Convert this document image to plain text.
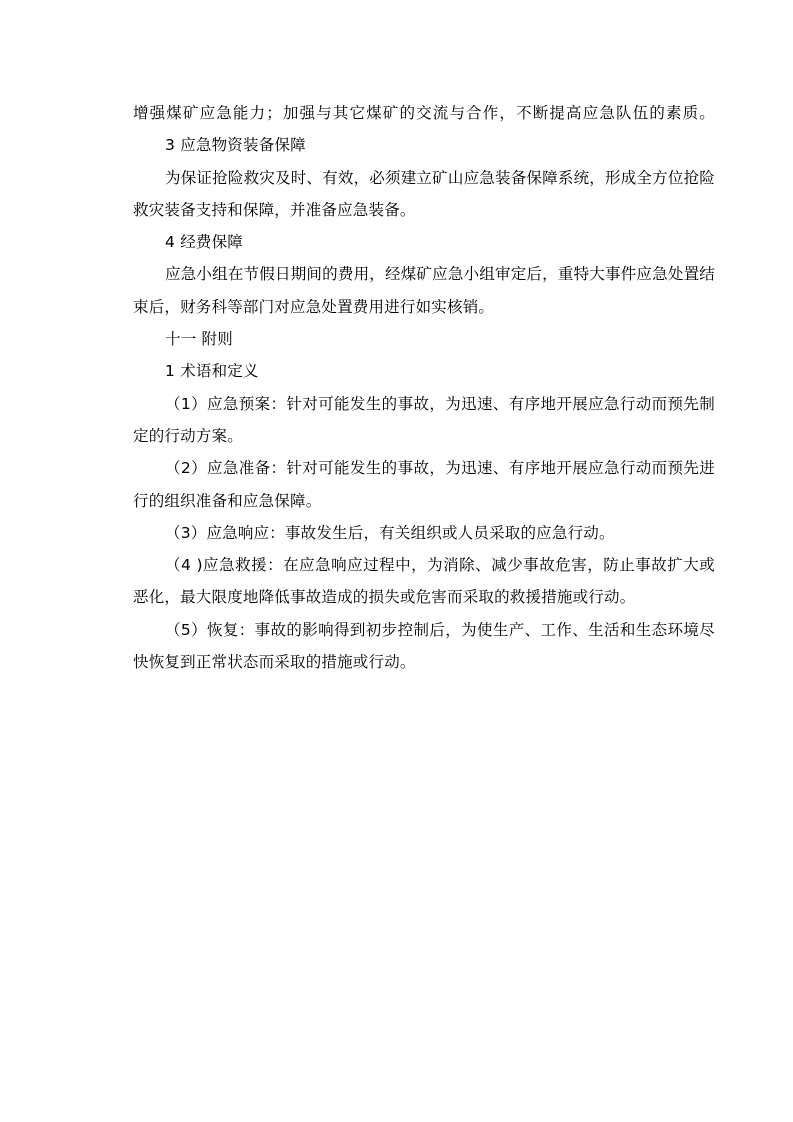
增强煤矿应急能力；加强与其它煤矿的交流与合作，不断提高应急队伍的素质。
3 应急物资装备保障
为保证抢险救灾及时、有效，必须建立矿山应急装备保障系统，形成全方位抢险
救灾装备支持和保障，并准备应急装备。
4 经费保障
应急小组在节假日期间的费用，经煤矿应急小组审定后，重特大事件应急处置结
束后，财务科等部门对应急处置费用进行如实核销。
十一 附则
1 术语和定义
（1）应急预案：针对可能发生的事故，为迅速、有序地开展应急行动而预先制
定的行动方案。
（2）应急准备：针对可能发生的事故，为迅速、有序地开展应急行动而预先进
行的组织准备和应急保障。
（3）应急响应：事故发生后，有关组织或人员采取的应急行动。
（4 )应急救援：在应急响应过程中，为消除、减少事故危害，防止事故扩大或
恶化，最大限度地降低事故造成的损失或危害而采取的救援措施或行动。
（5）恢复：事故的影响得到初步控制后，为使生产、工作、生活和生态环境尽
快恢复到正常状态而采取的措施或行动。
